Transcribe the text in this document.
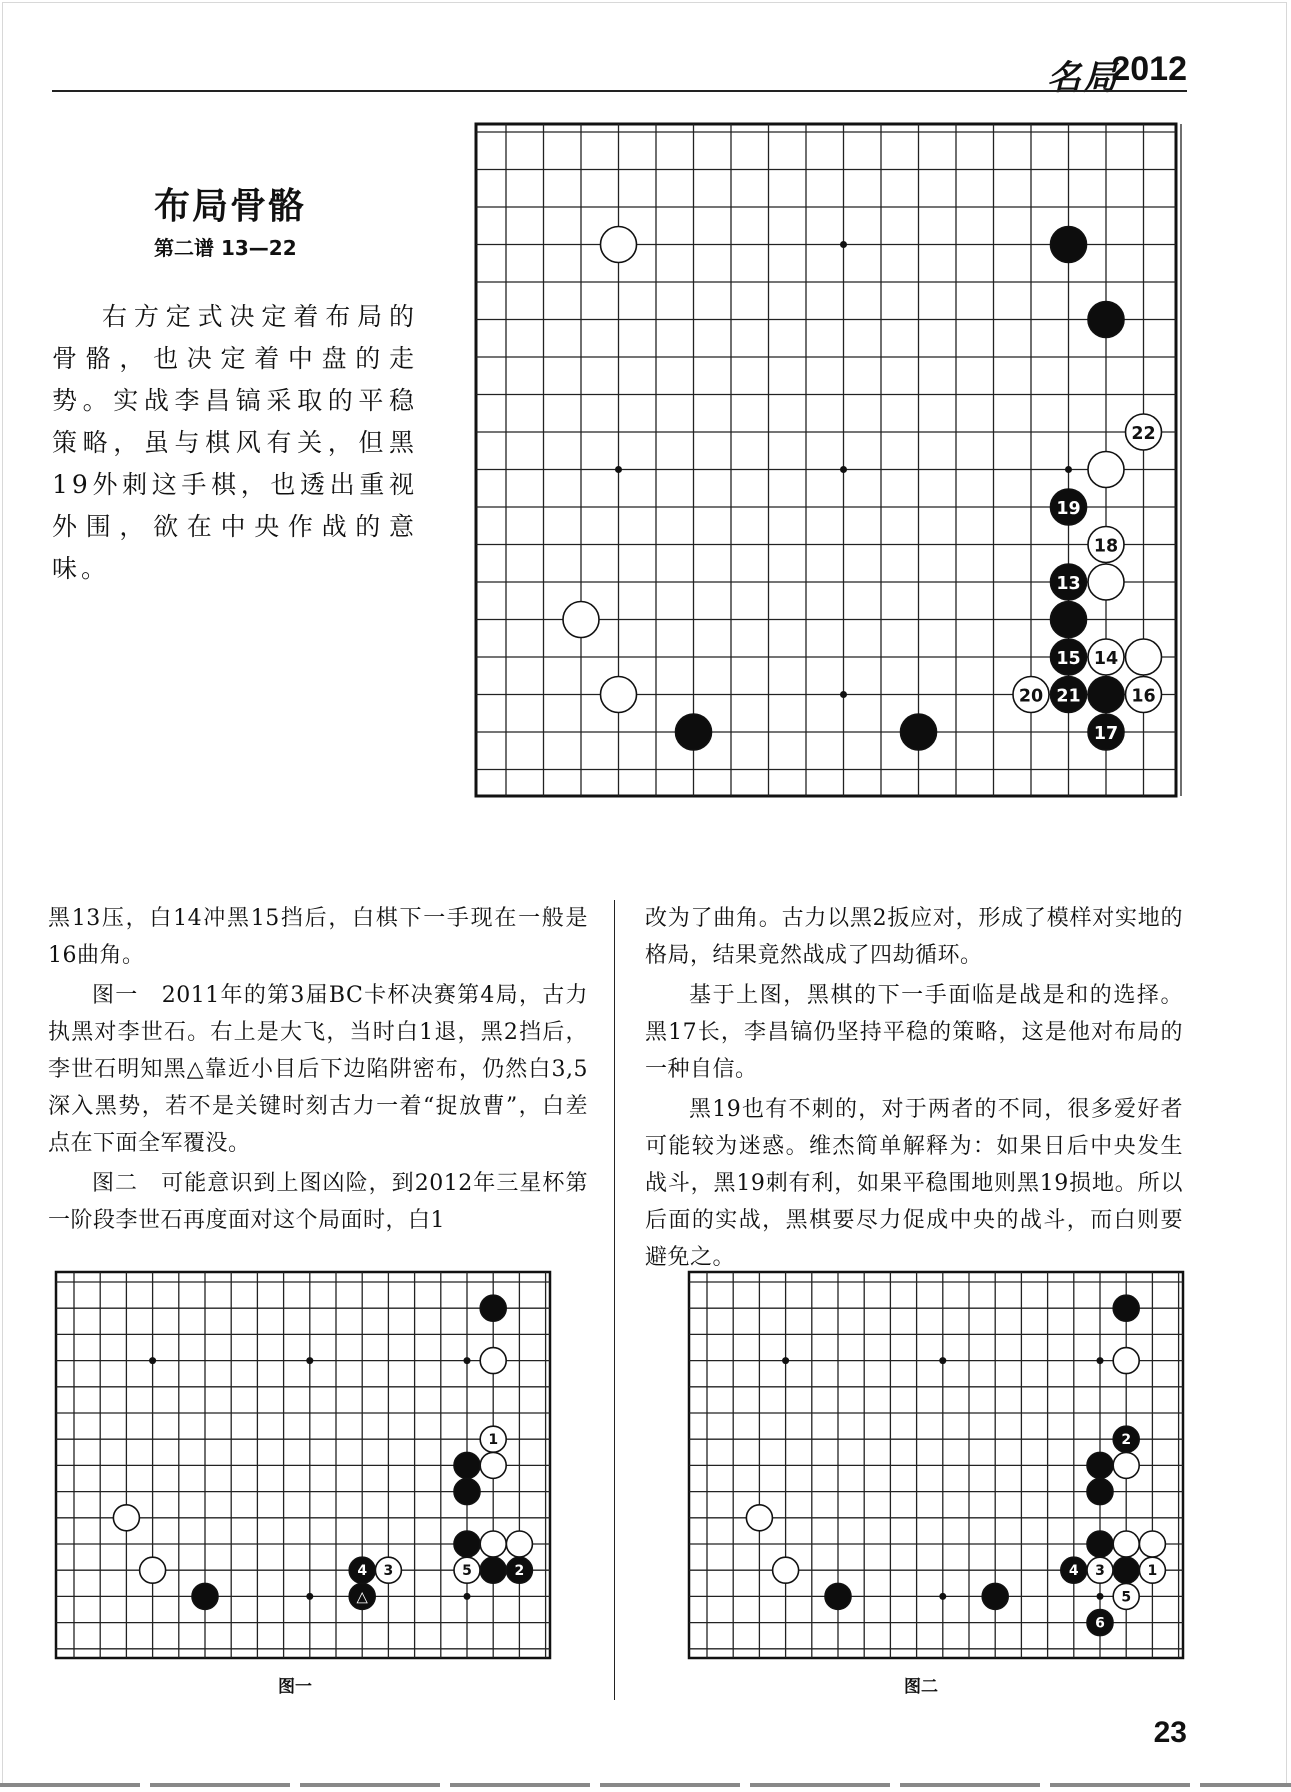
名局
2012
布局骨骼
第二谱 13—22

右方定式决定着布局的骨骼，也决定着中盘的走势。实战李昌镐采取的平稳策略，虽与棋风有关，但黑19外刺这手棋，也透出重视外围，欲在中央作战的意味。

22
19
18
13
15 14
20 21	16
17

黑13压，白14冲黑15挡后，白棋下一手现在一般是16曲角。

图一　2011年的第3届BC卡杯决赛第4局，古力执黑对李世石。右上是大飞，当时白1退，黑2挡后，李世石明知黑△靠近小目后下边陷阱密布，仍然白3,5深入黑势，若不是关键时刻古力一着“捉放曹”，白差点在下面全军覆没。

图二　可能意识到上图凶险，到2012年三星杯第一阶段李世石再度面对这个局面时，白1

改为了曲角。古力以黑2扳应对，形成了模样对实地的格局，结果竟然战成了四劫循环。

基于上图，黑棋的下一手面临是战是和的选择。黑17长，李昌镐仍坚持平稳的策略，这是他对布局的一种自信。

黑19也有不刺的，对于两者的不同，很多爱好者可能较为迷惑。维杰简单解释为：如果日后中央发生战斗，黑19刺有利，如果平稳围地则黑19损地。所以后面的实战，黑棋要尽力促成中央的战斗，而白则要避免之。

1
4 3	5	2
△
图一
2
4 3	1
5
6
图二
23
